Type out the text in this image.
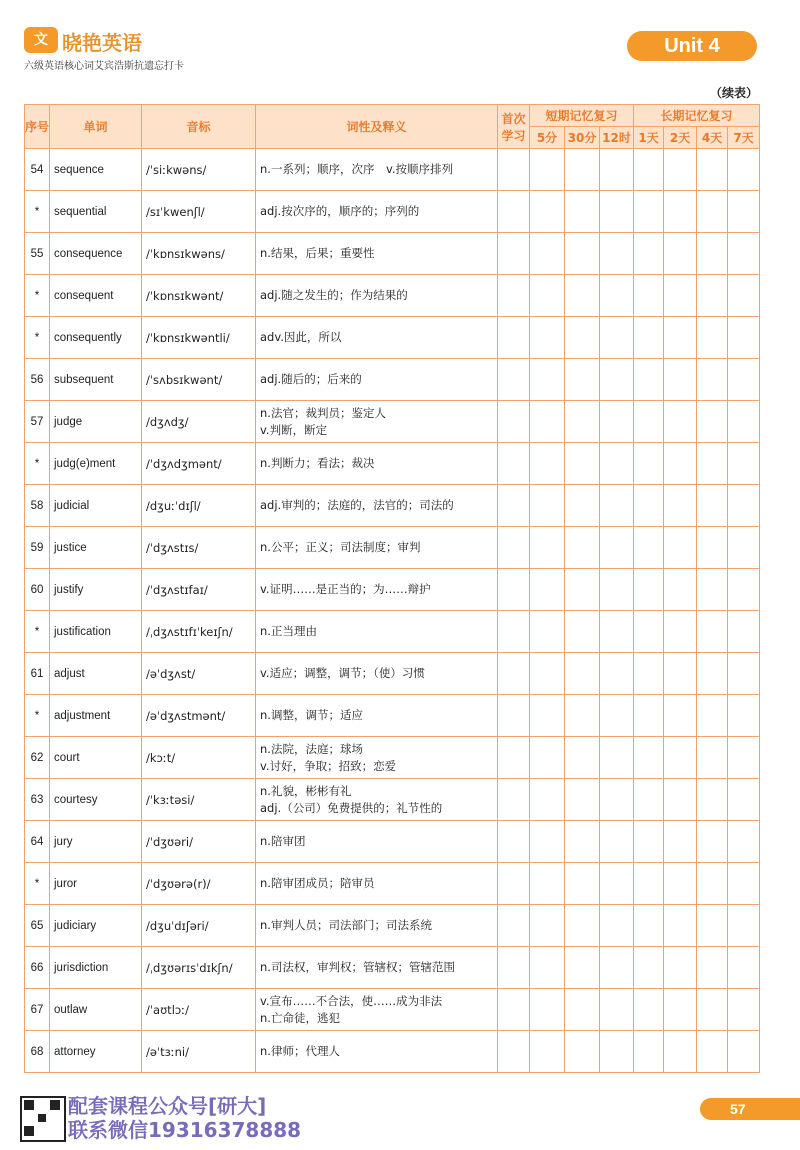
文 晓艳英语
六级英语核心词艾宾浩斯抗遗忘打卡
Unit 4
（续表）
序号	单词	音标	词性及释义	首次学习	短期记忆复习			长期记忆复习			
					5分	30分	12时	1天	2天	4天	7天
54	sequence	/ˈsiːkwəns/	n.一系列；顺序，次序　v.按顺序排列								

*	sequential	/sɪˈkwenʃl/	adj.按次序的，顺序的；序列的								

55	consequence	/ˈkɒnsɪkwəns/	n.结果，后果；重要性								

*	consequent	/ˈkɒnsɪkwənt/	adj.随之发生的；作为结果的								

*	consequently	/ˈkɒnsɪkwəntli/	adv.因此，所以								

56	subsequent	/ˈsʌbsɪkwənt/	adj.随后的；后来的								

57	judge	/dʒʌdʒ/	n.法官；裁判员；鉴定人
v.判断，断定								

*	judg(e)ment	/ˈdʒʌdʒmənt/	n.判断力；看法；裁决								

58	judicial	/dʒuːˈdɪʃl/	adj.审判的；法庭的，法官的；司法的								

59	justice	/ˈdʒʌstɪs/	n.公平；正义；司法制度；审判								

60	justify	/ˈdʒʌstɪfaɪ/	v.证明……是正当的；为……辩护								

*	justification	/ˌdʒʌstɪfɪˈkeɪʃn/	n.正当理由								

61	adjust	/əˈdʒʌst/	v.适应；调整，调节；（使）习惯								

*	adjustment	/əˈdʒʌstmənt/	n.调整，调节；适应								

62	court	/kɔːt/	n.法院，法庭；球场
v.讨好，争取；招致；恋爱								

63	courtesy	/ˈkɜːtəsi/	n.礼貌，彬彬有礼
adj.（公司）免费提供的；礼节性的								

64	jury	/ˈdʒʊəri/	n.陪审团								

*	juror	/ˈdʒʊərə(r)/	n.陪审团成员；陪审员								

65	judiciary	/dʒuˈdɪʃəri/	n.审判人员；司法部门；司法系统								

66	jurisdiction	/ˌdʒʊərɪsˈdɪkʃn/	n.司法权，审判权；管辖权；管辖范围								

67	outlaw	/ˈaʊtlɔː/	v.宣布……不合法，使……成为非法
n.亡命徒，逃犯								

68	attorney	/əˈtɜːni/	n.律师；代理人								

配套课程公众号[研大]
联系微信19316378888
57
